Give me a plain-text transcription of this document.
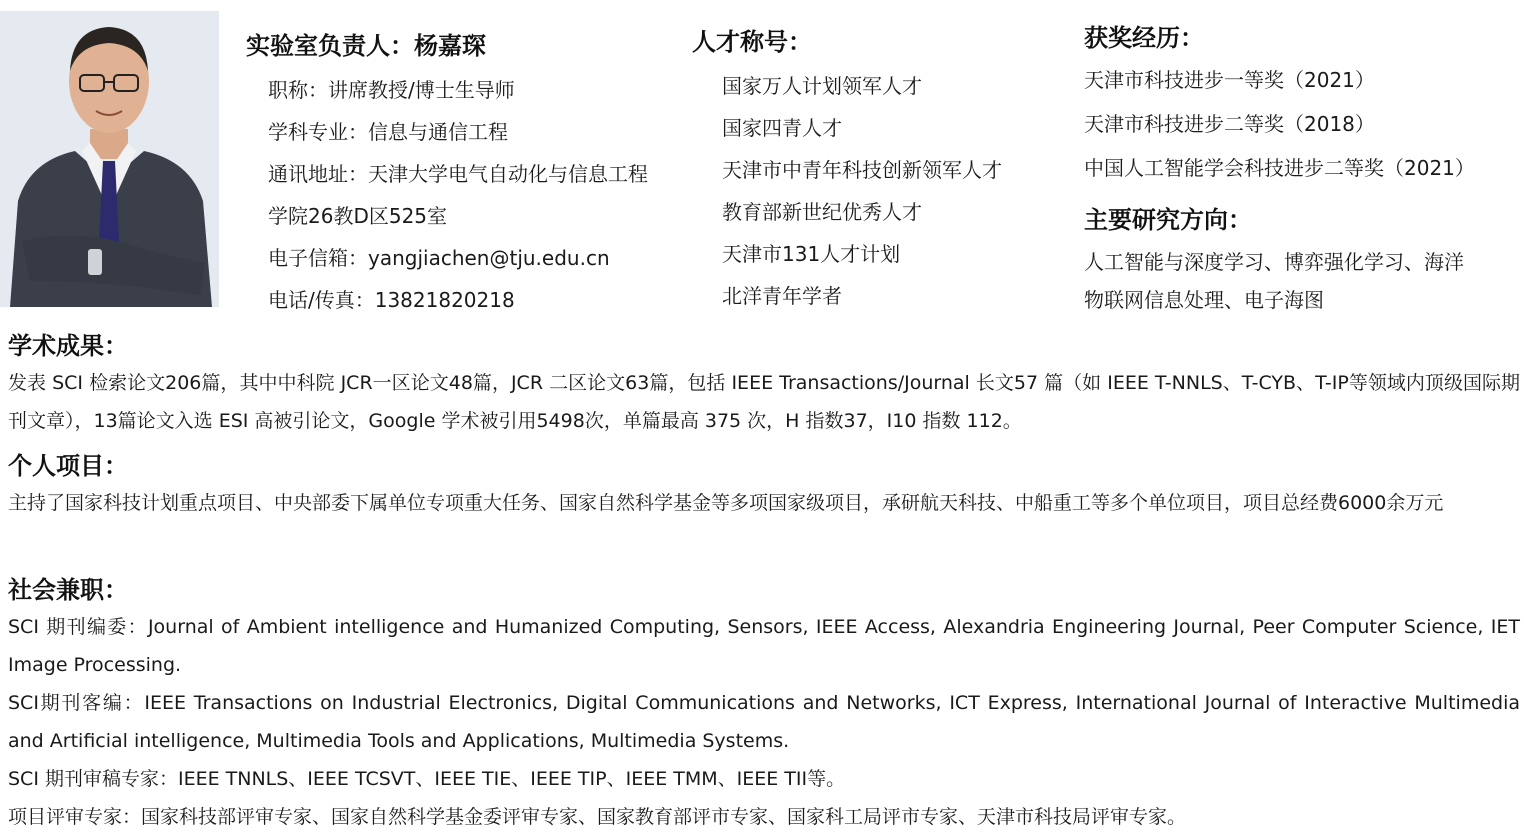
实验室负责人：杨嘉琛
职称：讲席教授/博士生导师
学科专业：信息与通信工程
通讯地址：天津大学电气自动化与信息工程
学院26教D区525室
电子信箱：yangjiachen@tju.edu.cn
电话/传真：13821820218
人才称号：
国家万人计划领军人才
国家四青人才
天津市中青年科技创新领军人才
教育部新世纪优秀人才
天津市131人才计划
北洋青年学者
获奖经历：
天津市科技进步一等奖（2021）
天津市科技进步二等奖（2018）
中国人工智能学会科技进步二等奖（2021）
主要研究方向：
人工智能与深度学习、博弈强化学习、海洋
物联网信息处理、电子海图
学术成果：
发表 SCI 检索论文206篇，其中中科院 JCR一区论文48篇，JCR 二区论文63篇，包括 IEEE Transactions/Journal 长文57 篇（如 IEEE T-NNLS、T-CYB、T-IP等领域内顶级国际期刊文章），13篇论文入选 ESI 高被引论文，Google 学术被引用5498次，单篇最高 375 次，H 指数37，I10 指数 112。
个人项目：
主持了国家科技计划重点项目、中央部委下属单位专项重大任务、国家自然科学基金等多项国家级项目，承研航天科技、中船重工等多个单位项目，项目总经费6000余万元
社会兼职：
SCI 期刊编委：Journal of Ambient intelligence and Humanized Computing, Sensors, IEEE Access, Alexandria Engineering Journal, Peer Computer Science, IET Image Processing.
SCI期刊客编：IEEE Transactions on Industrial Electronics, Digital Communications and Networks, ICT Express, International Journal of Interactive Multimedia and Artificial intelligence, Multimedia Tools and Applications, Multimedia Systems.
SCI 期刊审稿专家：IEEE TNNLS、IEEE TCSVT、IEEE TIE、IEEE TIP、IEEE TMM、IEEE TII等。
项目评审专家：国家科技部评审专家、国家自然科学基金委评审专家、国家教育部评市专家、国家科工局评市专家、天津市科技局评审专家。
